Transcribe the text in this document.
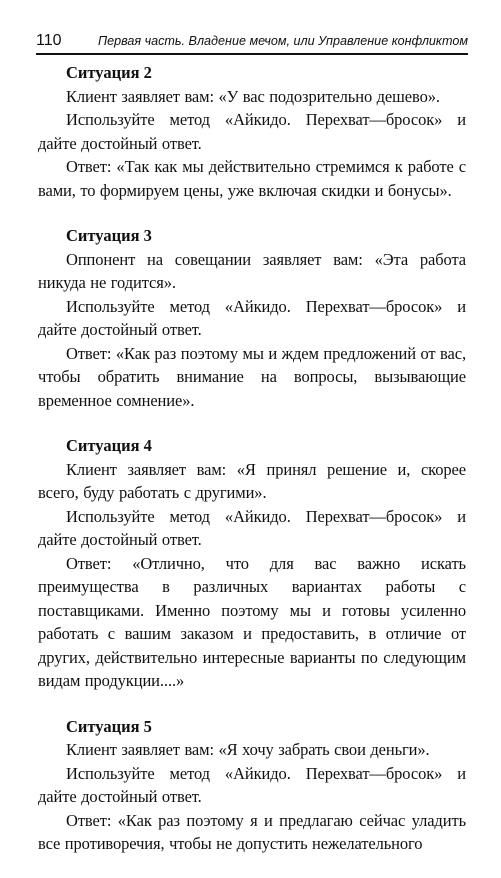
110	Первая часть. Владение мечом, или Управление конфликтом
Ситуация 2

Клиент заявляет вам: «У вас подозрительно дешево».

Используйте метод «Айкидо. Перехват—бросок» и дайте достойный ответ.

Ответ: «Так как мы действительно стремимся к работе с вами, то формируем цены, уже включая скидки и бонусы».

Ситуация 3

Оппонент на совещании заявляет вам: «Эта работа никуда не годится».

Используйте метод «Айкидо. Перехват—бросок» и дайте достойный ответ.

Ответ: «Как раз поэтому мы и ждем предложений от вас, чтобы обратить внимание на вопросы, вызывающие временное сомнение».

Ситуация 4

Клиент заявляет вам: «Я принял решение и, скорее всего, буду работать с другими».

Используйте метод «Айкидо. Перехват—бросок» и дайте достойный ответ.

Ответ: «Отлично, что для вас важно искать преимущества в различных вариантах работы с поставщиками. Именно поэтому мы и готовы усиленно работать с вашим заказом и предоставить, в отличие от других, действительно интересные варианты по следующим видам продукции....»

Ситуация 5

Клиент заявляет вам: «Я хочу забрать свои деньги».

Используйте метод «Айкидо. Перехват—бросок» и дайте достойный ответ.

Ответ: «Как раз поэтому я и предлагаю сейчас уладить все противоречия, чтобы не допустить нежелательного
